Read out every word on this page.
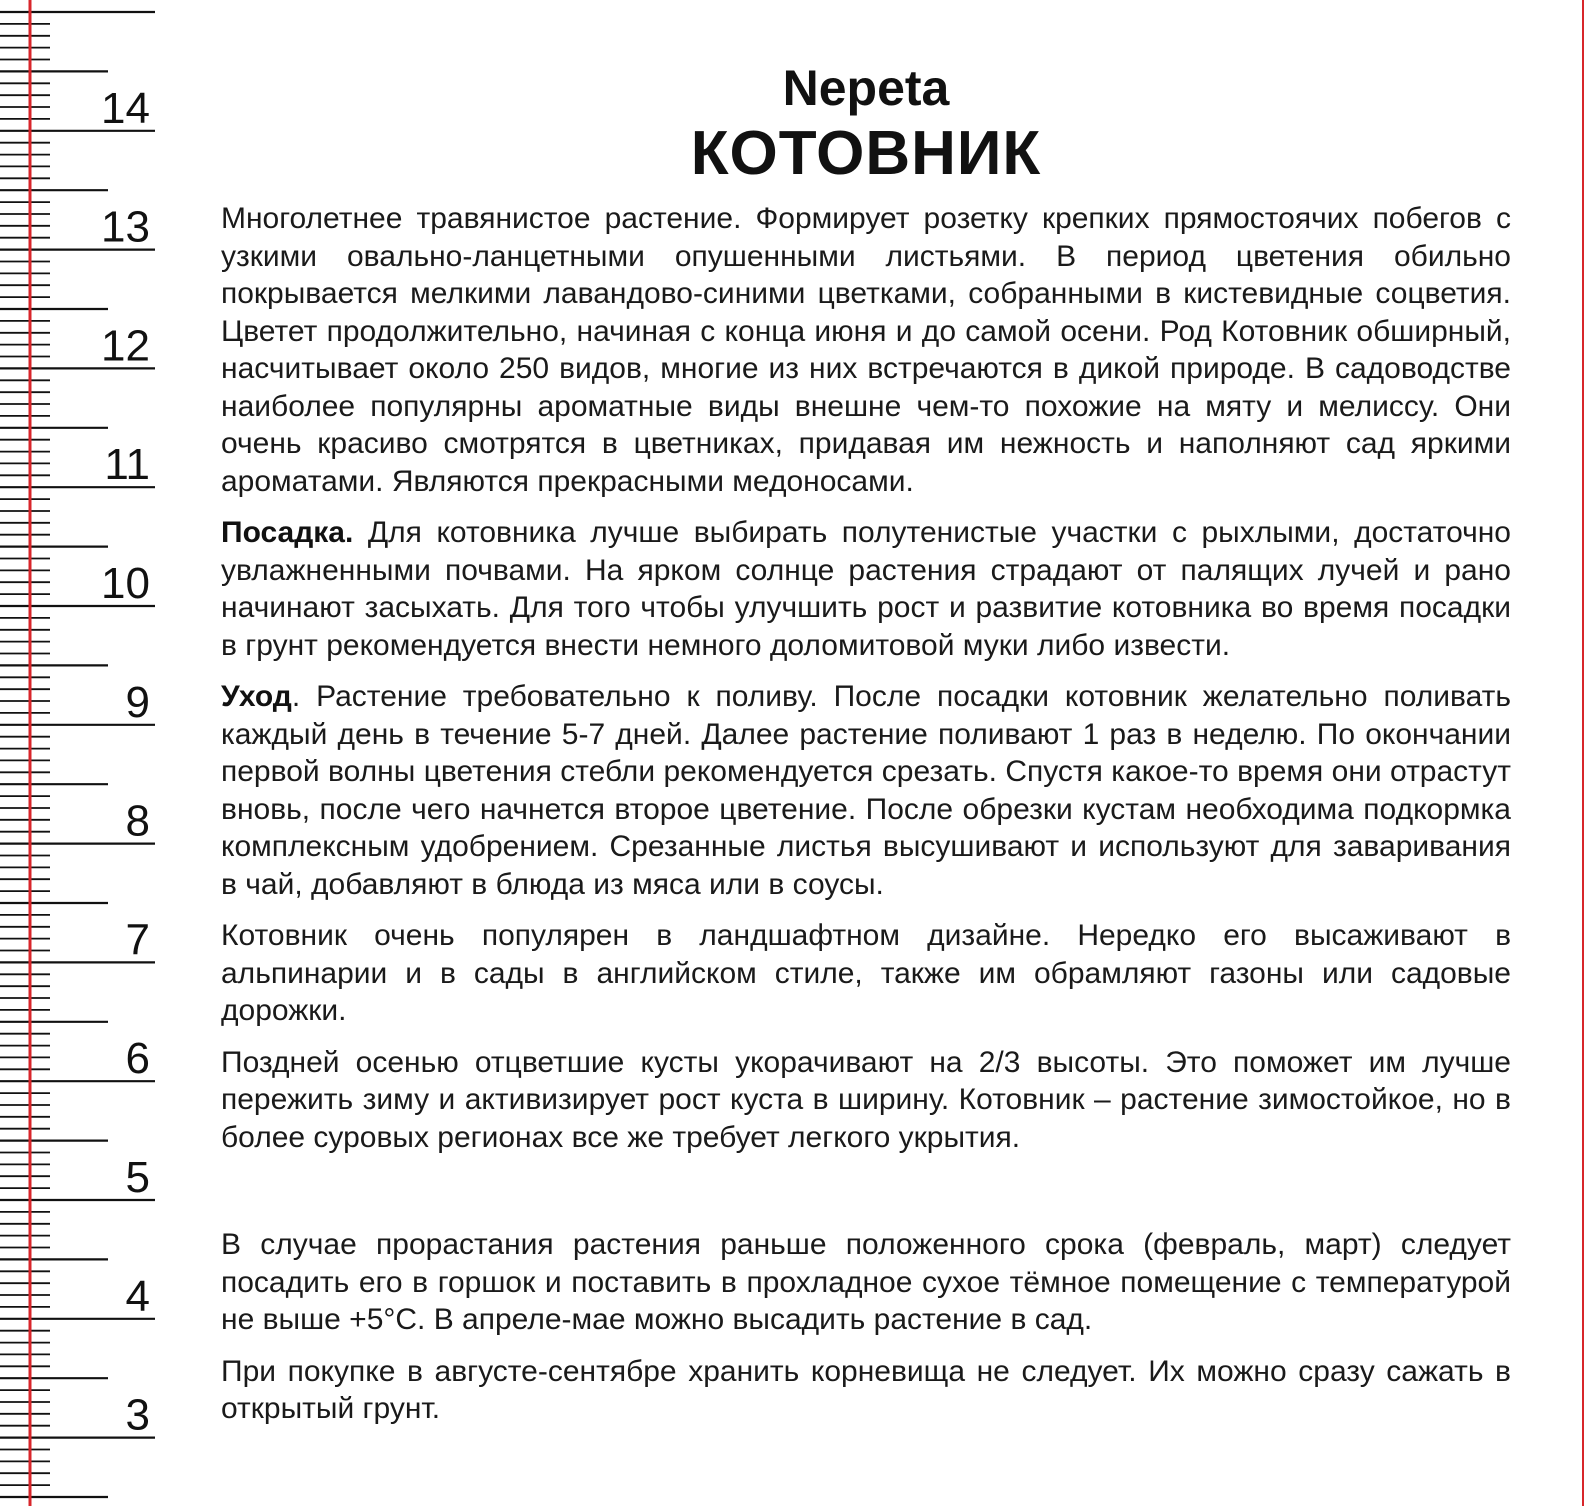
14
13
12
11
10
9
8
7
6
5
4
3
Nepeta
КОТОВНИК

Многолетнее травянистое растение. Формирует розетку крепких прямостоячих побегов с узкими овально-ланцетными опушенными листьями. В период цветения обильно покрывается мелкими лавандово-синими цветками, собранными в кистевидные соцветия. Цветет продолжительно, начиная с конца июня и до самой осени. Род Котовник обширный, насчитывает около 250 видов, многие из них встречаются в дикой природе. В садоводстве наиболее популярны ароматные виды внешне чем-то похожие на мяту и мелиссу. Они очень красиво смотрятся в цветниках, придавая им нежность и наполняют сад яркими ароматами. Являются прекрасными медоносами.

Посадка. Для котовника лучше выбирать полутенистые участки с рыхлыми, достаточно увлажненными почвами. На ярком солнце растения страдают от палящих лучей и рано начинают засыхать. Для того чтобы улучшить рост и развитие котовника во время посадки в грунт рекомендуется внести немного доломитовой муки либо извести.

Уход. Растение требовательно к поливу. После посадки котовник желательно поливать каждый день в течение 5-7 дней. Далее растение поливают 1 раз в неделю. По окончании первой волны цветения стебли рекомендуется срезать. Спустя какое-то время они отрастут вновь, после чего начнется второе цветение. После обрезки кустам необходима подкормка комплексным удобрением. Срезанные листья высушивают и используют для заваривания в чай, добавляют в блюда из мяса или в соусы.

Котовник очень популярен в ландшафтном дизайне. Нередко его высаживают в альпинарии и в сады в английском стиле, также им обрамляют газоны или садовые дорожки.

Поздней осенью отцветшие кусты укорачивают на 2/3 высоты. Это поможет им лучше пережить зиму и активизирует рост куста в ширину. Котовник – растение зимостойкое, но в более суровых регионах все же требует легкого укрытия.

В случае прорастания растения раньше положенного срока (февраль, март) следует посадить его в горшок и поставить в прохладное сухое тёмное помещение с температурой не выше +5°C. В апреле-мае можно высадить растение в сад.

При покупке в августе-сентябре хранить корневища не следует. Их можно сразу сажать в открытый грунт.
